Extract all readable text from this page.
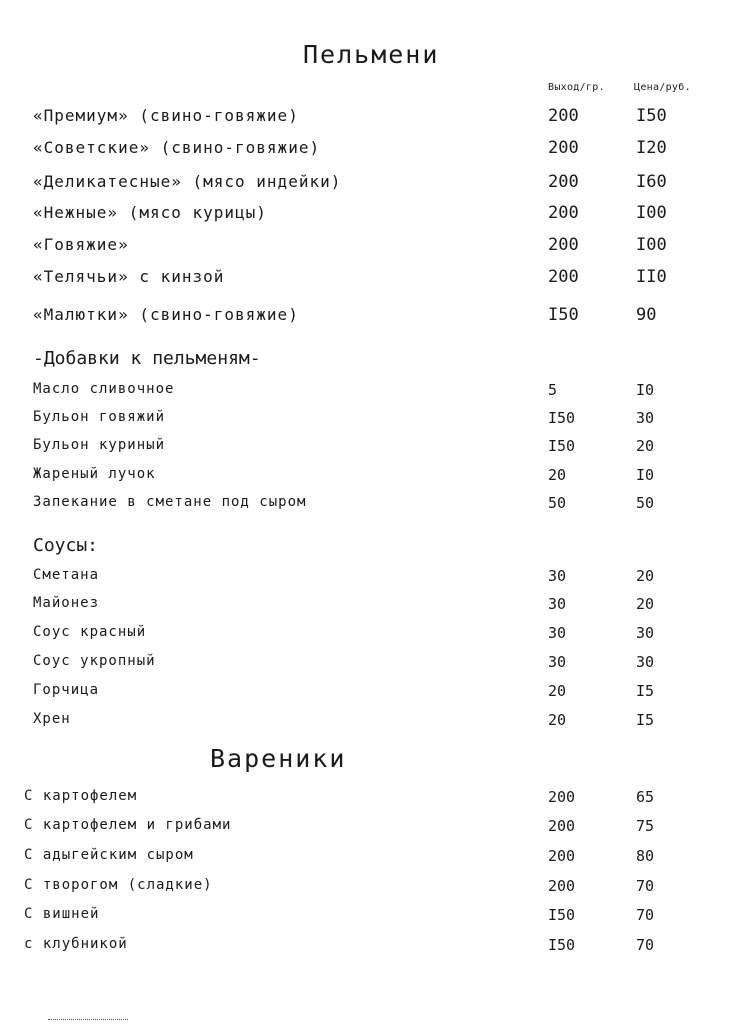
Пельмени
Выход/гр.	Цена/руб.
«Премиум» (свино-говяжие)	200	I50
«Советские» (свино-говяжие)	200	I20
«Деликатесные» (мясо индейки)	200	I60
«Нежные» (мясо курицы)	200	I00
«Говяжие»	200	I00
«Телячьи» с кинзой	200	II0
«Малютки» (свино-говяжие)	I50	90
-Добавки к пельменям-
Масло сливочное	5	I0
Бульон говяжий	I50	30
Бульон куриный	I50	20
Жареный лучок	20	I0
Запекание в сметане под сыром	50	50
Соусы:
Сметана	30	20
Майонез	30	20
Соус красный	30	30
Соус укропный	30	30
Горчица	20	I5
Хрен	20	I5
Вареники
С картофелем	200	65
С картофелем и грибами	200	75
С адыгейским сыром	200	80
С творогом (сладкие)	200	70
С вишней	I50	70
с клубникой	I50	70
